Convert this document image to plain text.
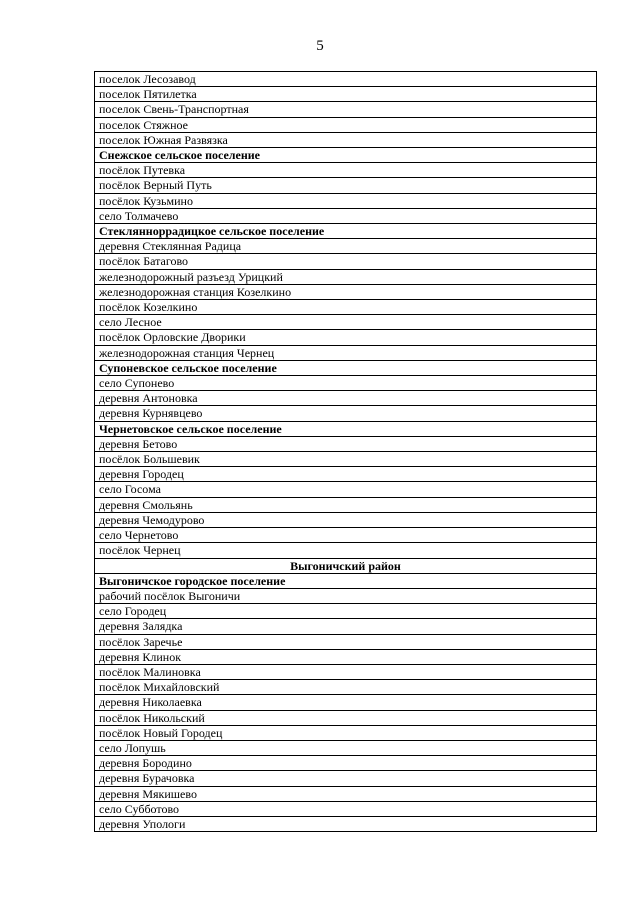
5
поселок Лесозавод
поселок Пятилетка
поселок Свень-Транспортная
поселок Стяжное
поселок Южная Развязка
Снежское сельское поселение
посёлок Путевка
посёлок Верный Путь
посёлок Кузьмино
село Толмачево
Стеклянноррадицкое сельское поселение
деревня Стеклянная Радица
посёлок Батагово
железнодорожный разъезд Урицкий
железнодорожная станция Козелкино
посёлок Козелкино
село Лесное
посёлок Орловские Дворики
железнодорожная станция Чернец
Супоневское сельское поселение
село Супонево
деревня Антоновка
деревня Курнявцево
Чернетовское сельское поселение
деревня Бетово
посёлок Большевик
деревня Городец
село Госома
деревня Смольянь
деревня Чемодурово
село Чернетово
посёлок Чернец
Выгоничский район
Выгоничское городское поселение
рабочий посёлок Выгоничи
село Городец
деревня Залядка
посёлок Заречье
деревня Клинок
посёлок Малиновка
посёлок Михайловский
деревня Николаевка
посёлок Никольский
посёлок Новый Городец
село Лопушь
деревня Бородино
деревня Бурачовка
деревня Мякишево
село Субботово
деревня Упологи
